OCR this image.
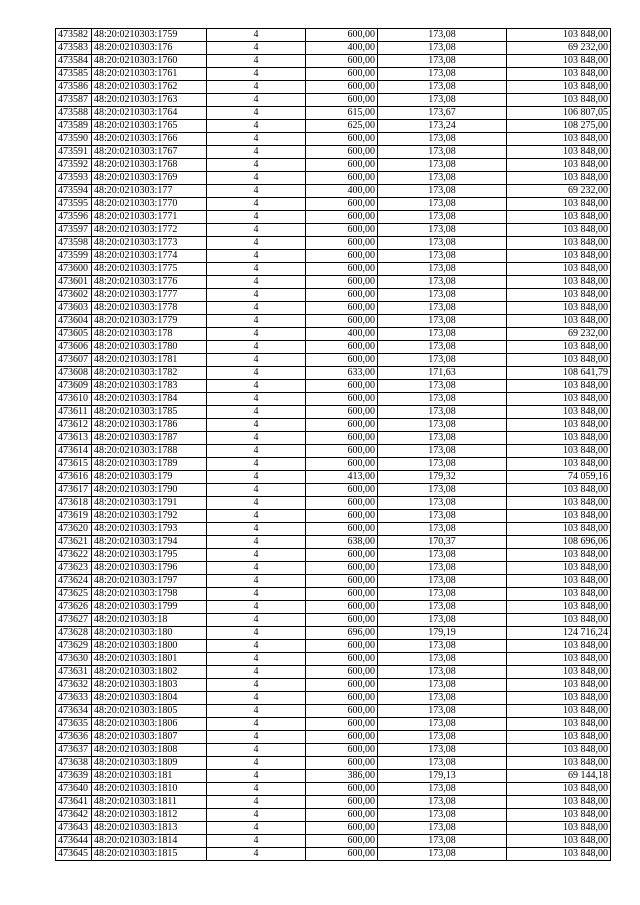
473582	48:20:0210303:1759	4	600,00	173,08	103 848,00
473583	48:20:0210303:176	4	400,00	173,08	69 232,00
473584	48:20:0210303:1760	4	600,00	173,08	103 848,00
473585	48:20:0210303:1761	4	600,00	173,08	103 848,00
473586	48:20:0210303:1762	4	600,00	173,08	103 848,00
473587	48:20:0210303:1763	4	600,00	173,08	103 848,00
473588	48:20:0210303:1764	4	615,00	173,67	106 807,05
473589	48:20:0210303:1765	4	625,00	173,24	108 275,00
473590	48:20:0210303:1766	4	600,00	173,08	103 848,00
473591	48:20:0210303:1767	4	600,00	173,08	103 848,00
473592	48:20:0210303:1768	4	600,00	173,08	103 848,00
473593	48:20:0210303:1769	4	600,00	173,08	103 848,00
473594	48:20:0210303:177	4	400,00	173,08	69 232,00
473595	48:20:0210303:1770	4	600,00	173,08	103 848,00
473596	48:20:0210303:1771	4	600,00	173,08	103 848,00
473597	48:20:0210303:1772	4	600,00	173,08	103 848,00
473598	48:20:0210303:1773	4	600,00	173,08	103 848,00
473599	48:20:0210303:1774	4	600,00	173,08	103 848,00
473600	48:20:0210303:1775	4	600,00	173,08	103 848,00
473601	48:20:0210303:1776	4	600,00	173,08	103 848,00
473602	48:20:0210303:1777	4	600,00	173,08	103 848,00
473603	48:20:0210303:1778	4	600,00	173,08	103 848,00
473604	48:20:0210303:1779	4	600,00	173,08	103 848,00
473605	48:20:0210303:178	4	400,00	173,08	69 232,00
473606	48:20:0210303:1780	4	600,00	173,08	103 848,00
473607	48:20:0210303:1781	4	600,00	173,08	103 848,00
473608	48:20:0210303:1782	4	633,00	171,63	108 641,79
473609	48:20:0210303:1783	4	600,00	173,08	103 848,00
473610	48:20:0210303:1784	4	600,00	173,08	103 848,00
473611	48:20:0210303:1785	4	600,00	173,08	103 848,00
473612	48:20:0210303:1786	4	600,00	173,08	103 848,00
473613	48:20:0210303:1787	4	600,00	173,08	103 848,00
473614	48:20:0210303:1788	4	600,00	173,08	103 848,00
473615	48:20:0210303:1789	4	600,00	173,08	103 848,00
473616	48:20:0210303:179	4	413,00	179,32	74 059,16
473617	48:20:0210303:1790	4	600,00	173,08	103 848,00
473618	48:20:0210303:1791	4	600,00	173,08	103 848,00
473619	48:20:0210303:1792	4	600,00	173,08	103 848,00
473620	48:20:0210303:1793	4	600,00	173,08	103 848,00
473621	48:20:0210303:1794	4	638,00	170,37	108 696,06
473622	48:20:0210303:1795	4	600,00	173,08	103 848,00
473623	48:20:0210303:1796	4	600,00	173,08	103 848,00
473624	48:20:0210303:1797	4	600,00	173,08	103 848,00
473625	48:20:0210303:1798	4	600,00	173,08	103 848,00
473626	48:20:0210303:1799	4	600,00	173,08	103 848,00
473627	48:20:0210303:18	4	600,00	173,08	103 848,00
473628	48:20:0210303:180	4	696,00	179,19	124 716,24
473629	48:20:0210303:1800	4	600,00	173,08	103 848,00
473630	48:20:0210303:1801	4	600,00	173,08	103 848,00
473631	48:20:0210303:1802	4	600,00	173,08	103 848,00
473632	48:20:0210303:1803	4	600,00	173,08	103 848,00
473633	48:20:0210303:1804	4	600,00	173,08	103 848,00
473634	48:20:0210303:1805	4	600,00	173,08	103 848,00
473635	48:20:0210303:1806	4	600,00	173,08	103 848,00
473636	48:20:0210303:1807	4	600,00	173,08	103 848,00
473637	48:20:0210303:1808	4	600,00	173,08	103 848,00
473638	48:20:0210303:1809	4	600,00	173,08	103 848,00
473639	48:20:0210303:181	4	386,00	179,13	69 144,18
473640	48:20:0210303:1810	4	600,00	173,08	103 848,00
473641	48:20:0210303:1811	4	600,00	173,08	103 848,00
473642	48:20:0210303:1812	4	600,00	173,08	103 848,00
473643	48:20:0210303:1813	4	600,00	173,08	103 848,00
473644	48:20:0210303:1814	4	600,00	173,08	103 848,00
473645	48:20:0210303:1815	4	600,00	173,08	103 848,00
